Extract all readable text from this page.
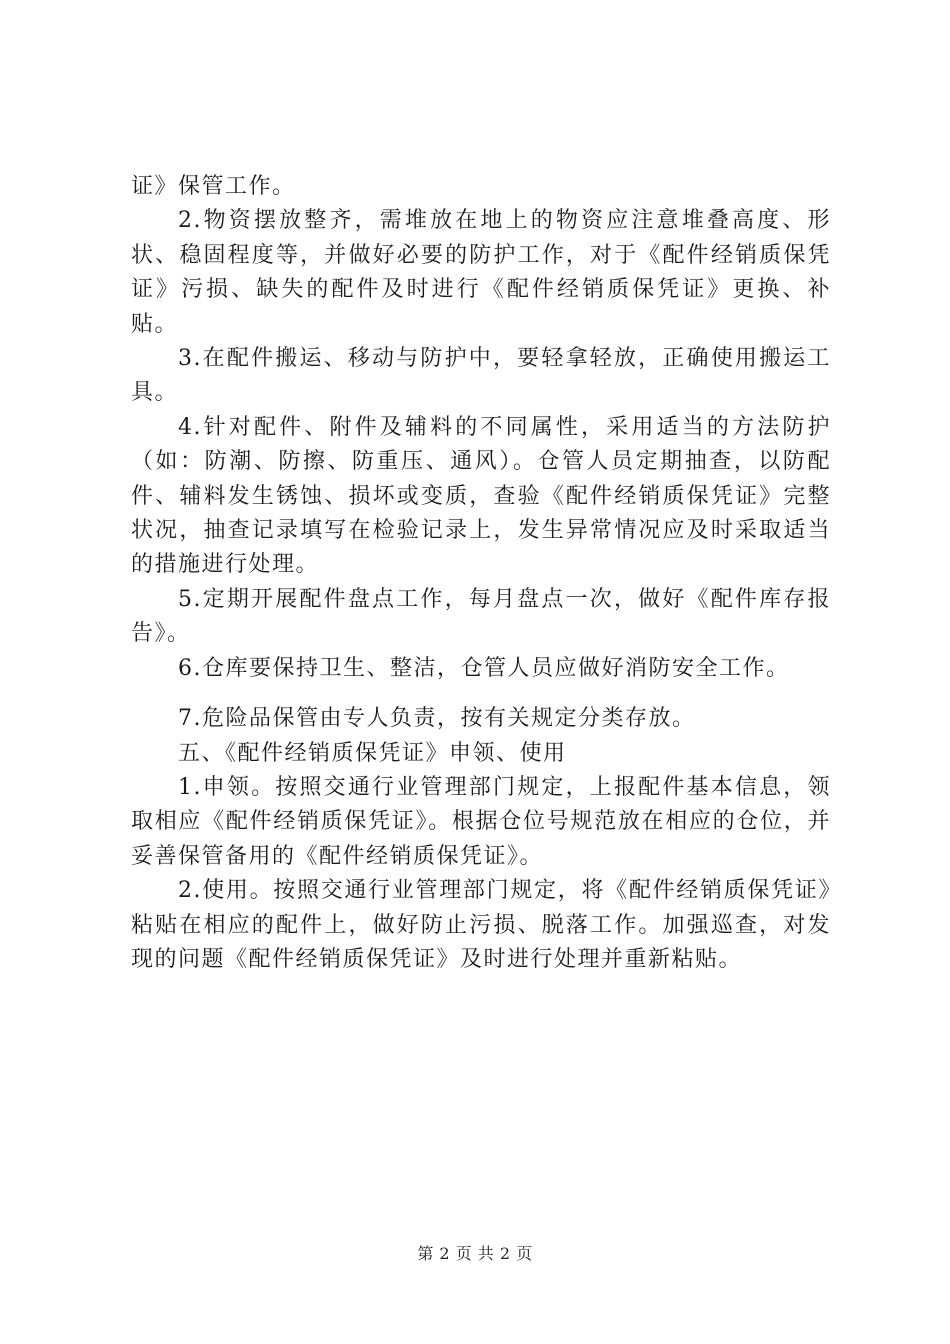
证》保管工作。

2.物资摆放整齐，需堆放在地上的物资应注意堆叠高度、形状、稳固程度等，并做好必要的防护工作，对于《配件经销质保凭证》污损、缺失的配件及时进行《配件经销质保凭证》更换、补贴。

3.在配件搬运、移动与防护中，要轻拿轻放，正确使用搬运工具。

4.针对配件、附件及辅料的不同属性，采用适当的方法防护（如：防潮、防擦、防重压、通风）。仓管人员定期抽查，以防配件、辅料发生锈蚀、损坏或变质，查验《配件经销质保凭证》完整状况，抽查记录填写在检验记录上，发生异常情况应及时采取适当的措施进行处理。

5.定期开展配件盘点工作，每月盘点一次，做好《配件库存报告》。

6.仓库要保持卫生、整洁，仓管人员应做好消防安全工作。

7.危险品保管由专人负责，按有关规定分类存放。

五、《配件经销质保凭证》申领、使用

1.申领。按照交通行业管理部门规定，上报配件基本信息，领取相应《配件经销质保凭证》。根据仓位号规范放在相应的仓位，并妥善保管备用的《配件经销质保凭证》。

2.使用。按照交通行业管理部门规定，将《配件经销质保凭证》粘贴在相应的配件上，做好防止污损、脱落工作。加强巡查，对发现的问题《配件经销质保凭证》及时进行处理并重新粘贴。

第 2 页 共 2 页
